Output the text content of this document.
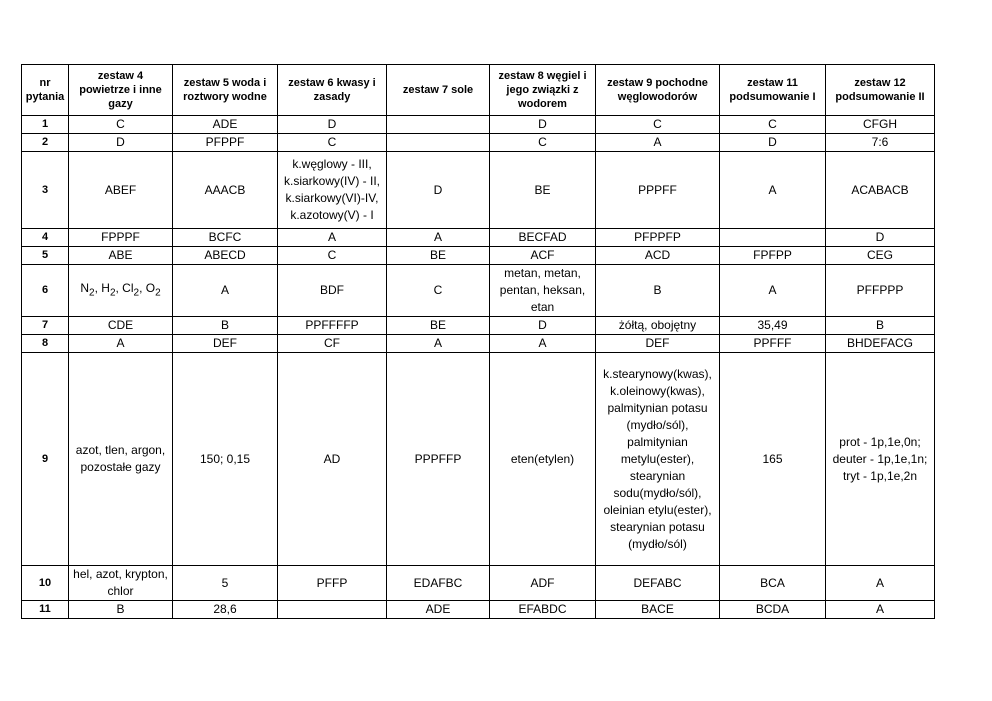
nr pytania	zestaw 4 powietrze i inne gazy	zestaw 5 woda i roztwory wodne	zestaw 6 kwasy i zasady	zestaw 7 sole	zestaw 8 węgiel i jego związki z wodorem	zestaw 9 pochodne węglowodorów	zestaw 11 podsumowanie I	zestaw 12 podsumowanie II
1	C	ADE	D		D	C	C	CFGH
2	D	PFPPF	C		C	A	D	7:6
3	ABEF	AAACB	k.węglowy - III, k.siarkowy(IV) - II, k.siarkowy(VI)-IV, k.azotowy(V) - I	D	BE	PPPFF	A	ACABACB
4	FPPPF	BCFC	A	A	BECFAD	PFPPFP		D
5	ABE	ABECD	C	BE	ACF	ACD	FPFPP	CEG
6	$N_2$, $H_2$, $Cl_2$, $O_2$	A	BDF	C	metan, metan, pentan, heksan, etan	B	A	PFFPPP
7	CDE	B	PPFFFFP	BE	D	żółtą, obojętny	35,49	B
8	A	DEF	CF	A	A	DEF	PPFFF	BHDEFACG
9	azot, tlen, argon, pozostałe gazy	150; 0,15	AD	PPPFFP	eten(etylen)	k.stearynowy(kwas), k.oleinowy(kwas), palmitynian potasu (mydło/sól), palmitynian metylu(ester), stearynian sodu(mydło/sól), oleinian etylu(ester), stearynian potasu (mydło/sól)	165	prot - 1p,1e,0n; deuter - 1p,1e,1n; tryt - 1p,1e,2n
10	hel, azot, krypton, chlor	5	PFFP	EDAFBC	ADF	DEFABC	BCA	A
11	B	28,6		ADE	EFABDC	BACE	BCDA	A
